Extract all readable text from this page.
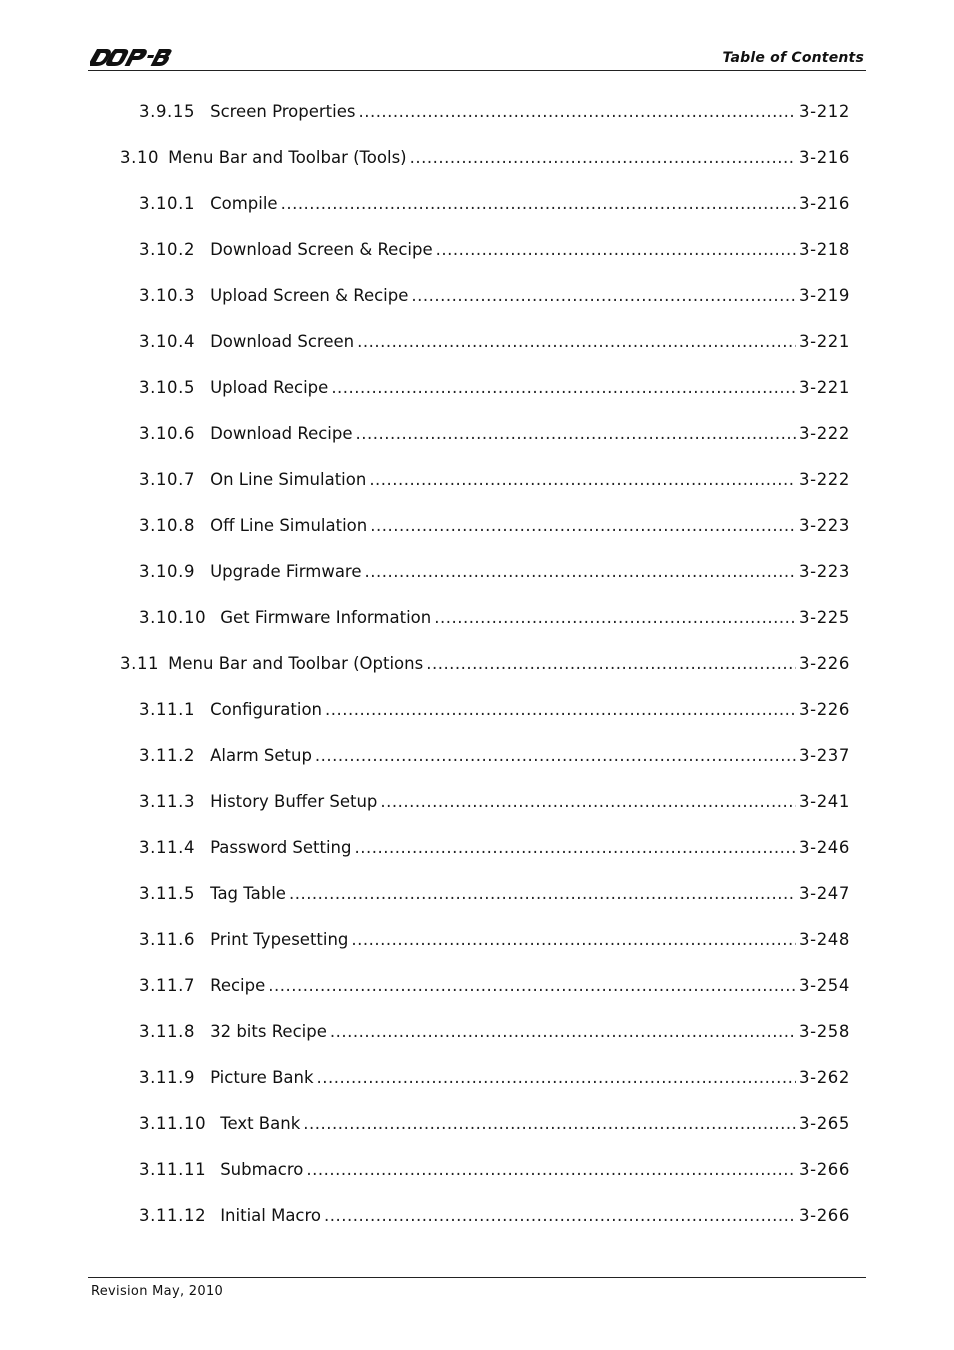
Table of Contents
3.9.15 Screen Properties .....	3-212
3.10 Menu Bar and Toolbar (Tools) .....	3-216
3.10.1 Compile .....	3-216
3.10.2 Download Screen & Recipe .....	3-218
3.10.3 Upload Screen & Recipe .....	3-219
3.10.4 Download Screen .....	3-221
3.10.5 Upload Recipe .....	3-221
3.10.6 Download Recipe .....	3-222
3.10.7 On Line Simulation .....	3-222
3.10.8 Off Line Simulation .....	3-223
3.10.9 Upgrade Firmware .....	3-223
3.10.10 Get Firmware Information .....	3-225
3.11 Menu Bar and Toolbar (Options .....	3-226
3.11.1 Configuration .....	3-226
3.11.2 Alarm Setup .....	3-237
3.11.3 History Buffer Setup .....	3-241
3.11.4 Password Setting .....	3-246
3.11.5 Tag Table .....	3-247
3.11.6 Print Typesetting .....	3-248
3.11.7 Recipe .....	3-254
3.11.8 32 bits Recipe .....	3-258
3.11.9 Picture Bank .....	3-262
3.11.10 Text Bank .....	3-265
3.11.11 Submacro .....	3-266
3.11.12 Initial Macro .....	3-266
Revision May, 2010
